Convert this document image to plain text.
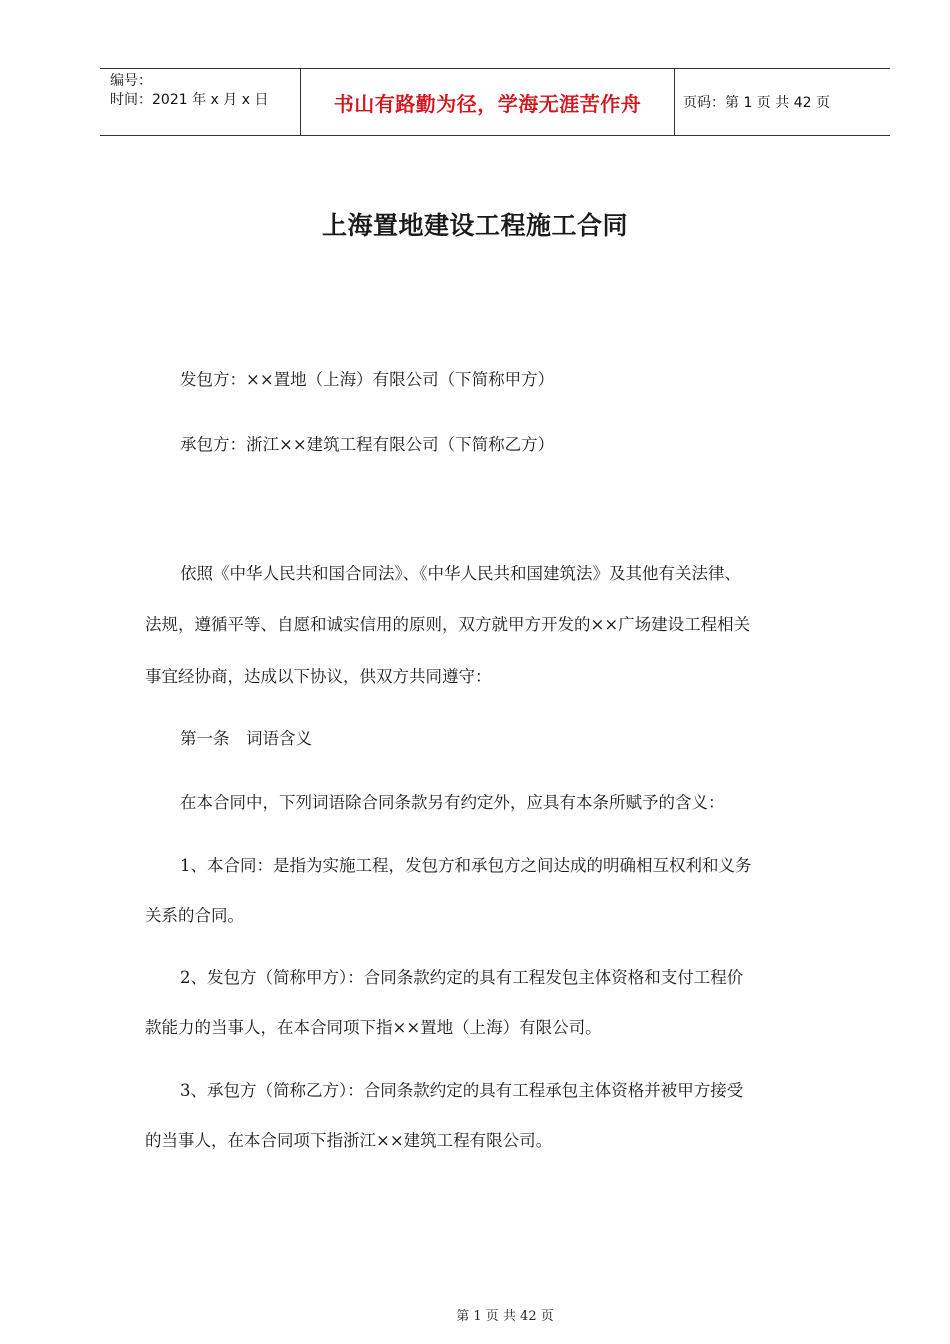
编号：
时间：2021 年 x 月 x 日	书山有路勤为径，学海无涯苦作舟	页码：第 1 页 共 42 页
上海置地建设工程施工合同
发包方：××置地（上海）有限公司（下简称甲方）
承包方：浙江××建筑工程有限公司（下简称乙方）
依照《中华人民共和国合同法》、《中华人民共和国建筑法》及其他有关法律、
法规，遵循平等、自愿和诚实信用的原则，双方就甲方开发的××广场建设工程相关
事宜经协商，达成以下协议，供双方共同遵守：
第一条　词语含义
在本合同中，下列词语除合同条款另有约定外，应具有本条所赋予的含义：
1、本合同：是指为实施工程，发包方和承包方之间达成的明确相互权利和义务
关系的合同。
2、发包方（简称甲方）：合同条款约定的具有工程发包主体资格和支付工程价
款能力的当事人，在本合同项下指××置地（上海）有限公司。
3、承包方（简称乙方）：合同条款约定的具有工程承包主体资格并被甲方接受
的当事人，在本合同项下指浙江××建筑工程有限公司。
第 1 页 共 42 页
